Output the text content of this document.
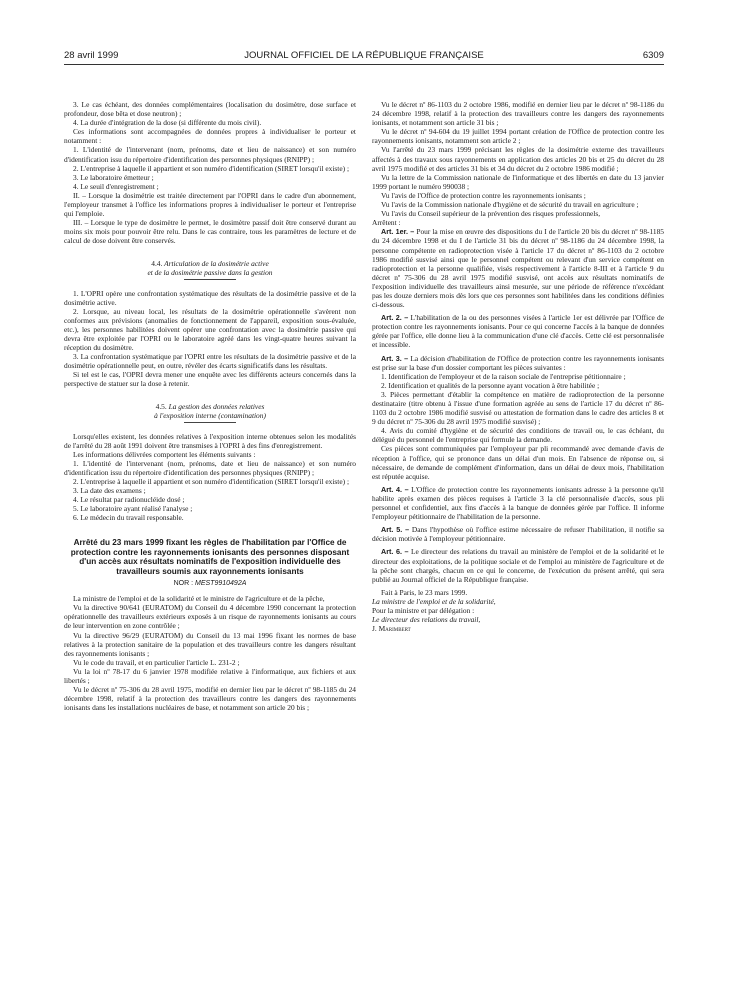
28 avril 1999	JOURNAL OFFICIEL DE LA RÉPUBLIQUE FRANÇAISE	6309

3. Le cas échéant, des données complémentaires (localisation du dosimètre, dose surface et profondeur, dose bêta et dose neutron) ;

4. La durée d'intégration de la dose (si différente du mois civil).

Ces informations sont accompagnées de données propres à individualiser le porteur et notamment :

1. L'identité de l'intervenant (nom, prénoms, date et lieu de naissance) et son numéro d'identification issu du répertoire d'identification des personnes physiques (RNIPP) ;

2. L'entreprise à laquelle il appartient et son numéro d'identification (SIRET lorsqu'il existe) ;

3. Le laboratoire émetteur ;

4. Le seuil d'enregistrement ;

II. – Lorsque la dosimétrie est traitée directement par l'OPRI dans le cadre d'un abonnement, l'employeur transmet à l'office les informations propres à individualiser le porteur et l'entreprise qui l'emploie.

III. – Lorsque le type de dosimètre le permet, le dosimètre passif doit être conservé durant au moins six mois pour pouvoir être relu. Dans le cas contraire, tous les paramètres de lecture et de calcul de dose doivent être conservés.

4.4. Articulation de la dosimétrie active
et de la dosimétrie passive dans la gestion

1. L'OPRI opère une confrontation systématique des résultats de la dosimétrie passive et de la dosimétrie active.

2. Lorsque, au niveau local, les résultats de la dosimétrie opérationnelle s'avèrent non conformes aux prévisions (anomalies de fonctionnement de l'appareil, exposition sous-évaluée, etc.), les personnes habilitées doivent opérer une confrontation avec la dosimétrie passive qui devra être exploitée par l'OPRI ou le laboratoire agréé dans les vingt-quatre heures suivant la réception du dosimètre.

3. La confrontation systématique par l'OPRI entre les résultats de la dosimétrie passive et de la dosimétrie opérationnelle peut, en outre, révéler des écarts significatifs dans les résultats.

Si tel est le cas, l'OPRI devra mener une enquête avec les différents acteurs concernés dans la perspective de statuer sur la dose à retenir.

4.5. La gestion des données relatives
à l'exposition interne (contamination)

Lorsqu'elles existent, les données relatives à l'exposition interne obtenues selon les modalités de l'arrêté du 28 août 1991 doivent être transmises à l'OPRI à des fins d'enregistrement.

Les informations délivrées comportent les éléments suivants :

1. L'identité de l'intervenant (nom, prénoms, date et lieu de naissance) et son numéro d'identification issu du répertoire d'identification des personnes physiques (RNIPP) ;

2. L'entreprise à laquelle il appartient et son numéro d'identification (SIRET lorsqu'il existe) ;

3. La date des examens ;

4. Le résultat par radionucléide dosé ;

5. Le laboratoire ayant réalisé l'analyse ;

6. Le médecin du travail responsable.

Arrêté du 23 mars 1999 fixant les règles de l'habilitation par l'Office de protection contre les rayonnements ionisants des personnes disposant d'un accès aux résultats nominatifs de l'exposition individuelle des travailleurs soumis aux rayonnements ionisants
NOR : MEST9910492A

La ministre de l'emploi et de la solidarité et le ministre de l'agriculture et de la pêche,

Vu la directive 90/641 (EURATOM) du Conseil du 4 décembre 1990 concernant la protection opérationnelle des travailleurs extérieurs exposés à un risque de rayonnements ionisants au cours de leur intervention en zone contrôlée ;

Vu la directive 96/29 (EURATOM) du Conseil du 13 mai 1996 fixant les normes de base relatives à la protection sanitaire de la population et des travailleurs contre les dangers résultant des rayonnements ionisants ;

Vu le code du travail, et en particulier l'article L. 231-2 ;

Vu la loi nº 78-17 du 6 janvier 1978 modifiée relative à l'informatique, aux fichiers et aux libertés ;

Vu le décret nº 75-306 du 28 avril 1975, modifié en dernier lieu par le décret nº 98-1185 du 24 décembre 1998, relatif à la protection des travailleurs contre les dangers des rayonnements ionisants dans les installations nucléaires de base, et notamment son article 20 bis ;

Vu le décret nº 86-1103 du 2 octobre 1986, modifié en dernier lieu par le décret nº 98-1186 du 24 décembre 1998, relatif à la protection des travailleurs contre les dangers des rayonnements ionisants, et notamment son article 31 bis ;

Vu le décret nº 94-604 du 19 juillet 1994 portant création de l'Office de protection contre les rayonnements ionisants, notamment son article 2 ;

Vu l'arrêté du 23 mars 1999 précisant les règles de la dosimétrie externe des travailleurs affectés à des travaux sous rayonnements en application des articles 20 bis et 25 du décret du 28 avril 1975 modifié et des articles 31 bis et 34 du décret du 2 octobre 1986 modifié ;

Vu la lettre de la Commission nationale de l'informatique et des libertés en date du 13 janvier 1999 portant le numéro 990038 ;

Vu l'avis de l'Office de protection contre les rayonnements ionisants ;

Vu l'avis de la Commission nationale d'hygiène et de sécurité du travail en agriculture ;

Vu l'avis du Conseil supérieur de la prévention des risques professionnels,

Arrêtent :

Art. 1er. – Pour la mise en œuvre des dispositions du I de l'article 20 bis du décret nº 98-1185 du 24 décembre 1998 et du I de l'article 31 bis du décret nº 98-1186 du 24 décembre 1998, la personne compétente en radioprotection visée à l'article 17 du décret nº 86-1103 du 2 octobre 1986 modifié susvisé ainsi que le personnel compétent ou relevant d'un service compétent en radioprotection et la personne qualifiée, visés respectivement à l'article 8-III et à l'article 9 du décret nº 75-306 du 28 avril 1975 modifié susvisé, ont accès aux résultats nominatifs de l'exposition individuelle des travailleurs ainsi mesurée, sur une période de référence n'excédant pas les douze derniers mois dès lors que ces personnes sont habilitées dans les conditions définies ci-dessous.

Art. 2. – L'habilitation de la ou des personnes visées à l'article 1er est délivrée par l'Office de protection contre les rayonnements ionisants. Pour ce qui concerne l'accès à la banque de données gérée par l'office, elle donne lieu à la communication d'une clé d'accès. Cette clé est personnalisée et incessible.

Art. 3. – La décision d'habilitation de l'Office de protection contre les rayonnements ionisants est prise sur la base d'un dossier comportant les pièces suivantes :

1. Identification de l'employeur et de la raison sociale de l'entreprise pétitionnaire ;

2. Identification et qualités de la personne ayant vocation à être habilitée ;

3. Pièces permettant d'établir la compétence en matière de radioprotection de la personne destinataire (titre obtenu à l'issue d'une formation agréée au sens de l'article 17 du décret nº 86-1103 du 2 octobre 1986 modifié susvisé ou attestation de formation dans le cadre des articles 8 et 9 du décret nº 75-306 du 28 avril 1975 modifié susvisé) ;

4. Avis du comité d'hygiène et de sécurité des conditions de travail ou, le cas échéant, du délégué du personnel de l'entreprise qui formule la demande.

Ces pièces sont communiquées par l'employeur par pli recommandé avec demande d'avis de réception à l'office, qui se prononce dans un délai d'un mois. En l'absence de réponse ou, si nécessaire, de demande de complément d'information, dans un délai de deux mois, l'habilitation est réputée acquise.

Art. 4. – L'Office de protection contre les rayonnements ionisants adresse à la personne qu'il habilite après examen des pièces requises à l'article 3 la clé personnalisée d'accès, sous pli personnel et confidentiel, aux fins d'accès à la banque de données gérée par l'office. Il informe l'employeur pétitionnaire de l'habilitation de la personne.

Art. 5. – Dans l'hypothèse où l'office estime nécessaire de refuser l'habilitation, il notifie sa décision motivée à l'employeur pétitionnaire.

Art. 6. – Le directeur des relations du travail au ministère de l'emploi et de la solidarité et le directeur des exploitations, de la politique sociale et de l'emploi au ministère de l'agriculture et de la pêche sont chargés, chacun en ce qui le concerne, de l'exécution du présent arrêté, qui sera publié au Journal officiel de la République française.

Fait à Paris, le 23 mars 1999.

La ministre de l'emploi et de la solidarité,

Pour la ministre et par délégation :

Le directeur des relations du travail,

J. Marimbert
